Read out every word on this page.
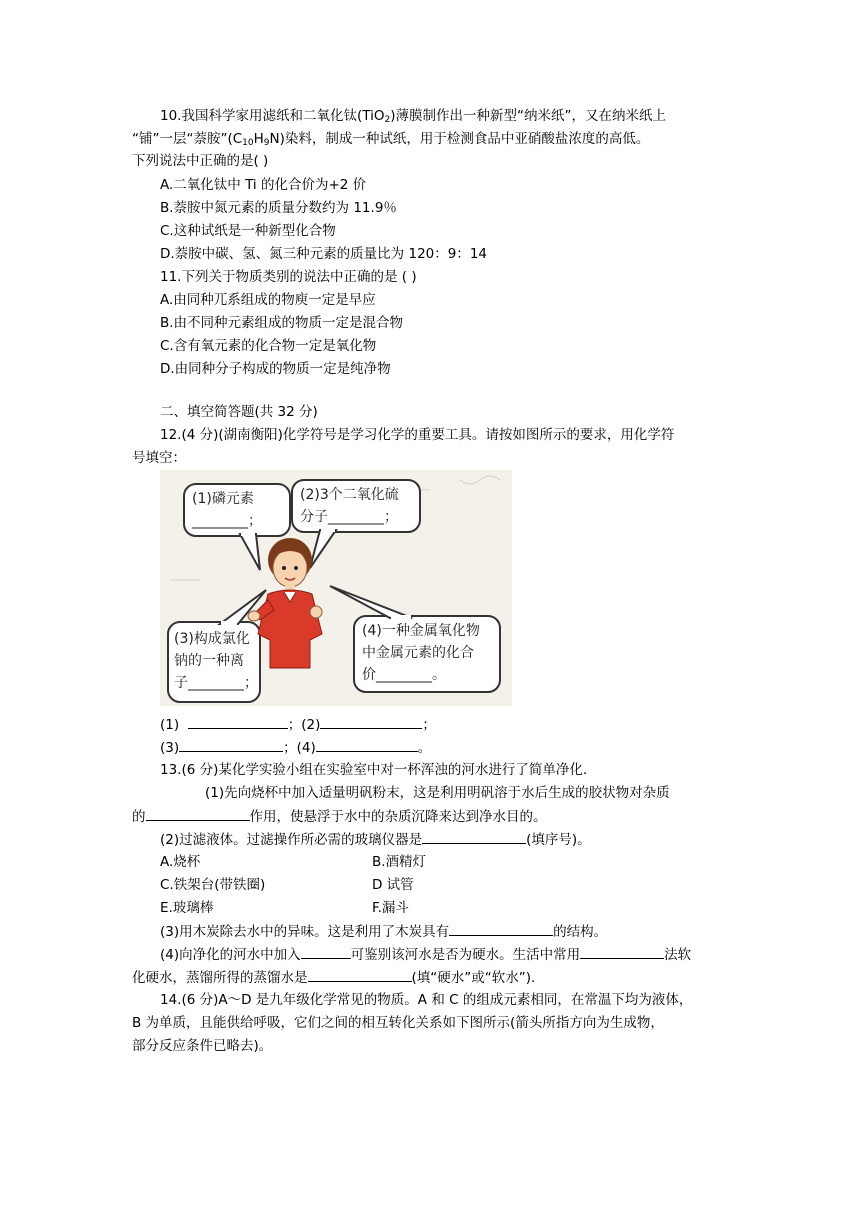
10.我国科学家用滤纸和二氧化钛(TiO$_2$)薄膜制作出一种新型“纳米纸”，又在纳米纸上
“铺”一层“萘胺$”(C_{10}H_9N)$染料，制成一种试纸，用于检测食品中亚硝酸盐浓度的高低。
下列说法中正确的是( )
A.二氧化钛中 Ti 的化合价为+2 价
B.萘胺中氮元素的质量分数约为 11.9％
C.这种试纸是一种新型化合物
D.萘胺中碳、氢、氮三种元素的质量比为 120：9：14
11.下列关于物质类别的说法中正确的是 ( )
A.由同种兀系组成的物庾一定是早应
B.由不同种元素组成的物质一定是混合物
C.含有氧元素的化合物一定是氧化物
D.由同种分子构成的物质一定是纯净物
二、填空简答题(共 32 分)
12.(4 分)(湖南衡阳)化学符号是学习化学的重要工具。请按如图所示的要求，用化学符
号填空：
(1)磷元素
________；
(2)3个二氧化硫
分子________；
(3)构成氯化
钠的一种离
子________；
(4)一种金属氧化物
中金属元素的化合
价________。
(1)	；(2)	；
(3)	；(4)	。
13.(6 分)某化学实验小组在实验室中对一杯浑浊的河水进行了简单净化.
(1)先向烧杯中加入适量明矾粉末，这是利用明矾溶于水后生成的胶状物对杂质
的	作用，使悬浮于水中的杂质沉降来达到净水目的。
(2)过滤液体。过滤操作所必需的玻璃仪器是	(填序号)。
A.烧杯	B.酒精灯
C.铁架台(带铁圈)	D 试管
E.玻璃棒	F.漏斗
(3)用木炭除去水中的异味。这是利用了木炭具有	的结构。
(4)向净化的河水中加入	可鉴别该河水是否为硬水。生活中常用	法软
化硬水，蒸馏所得的蒸馏水是	(填“硬水”或“软水”).
14.(6 分)A～D 是九年级化学常见的物质。A 和 C 的组成元素相同，在常温下均为液体，
B 为单质，且能供给呼吸，它们之间的相互转化关系如下图所示(箭头所指方向为生成物，
部分反应条件已略去)。
